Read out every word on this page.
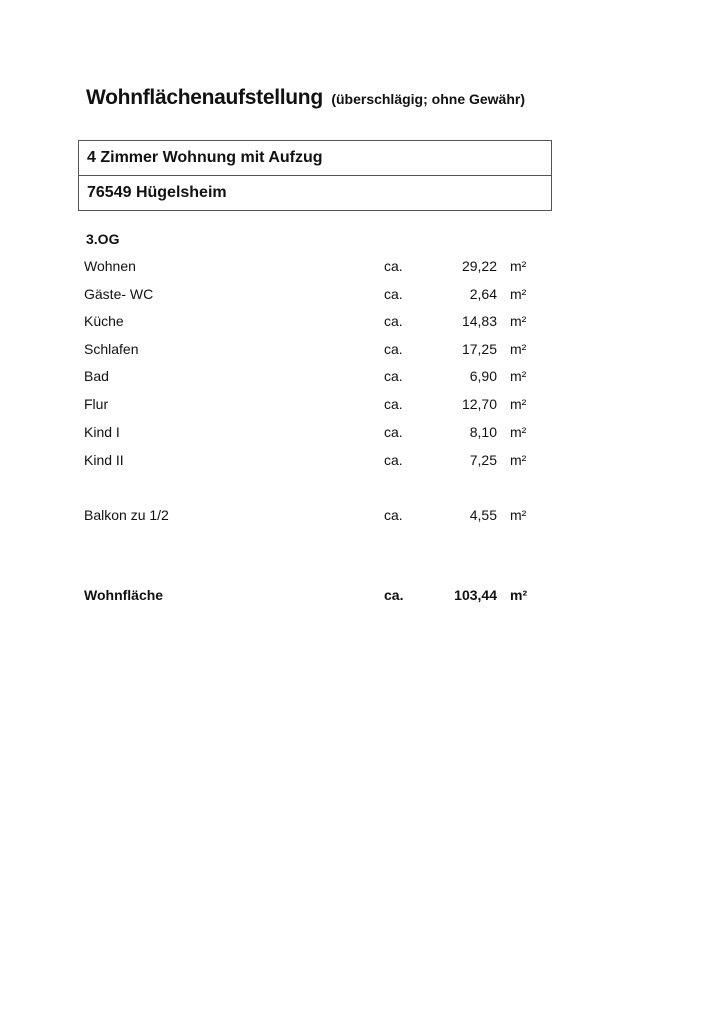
Wohnflächenaufstellung (überschlägig; ohne Gewähr)
4 Zimmer Wohnung mit Aufzug
76549 Hügelsheim
3.OG
Wohnen	ca.	29,22 m²
Gäste- WC	ca.	2,64 m²
Küche	ca.	14,83 m²
Schlafen	ca.	17,25 m²
Bad	ca.	6,90 m²
Flur	ca.	12,70 m²
Kind I	ca.	8,10 m²
Kind II	ca.	7,25 m²
Balkon zu 1/2	ca.	4,55 m²
Wohnfläche	ca.	103,44 m²
